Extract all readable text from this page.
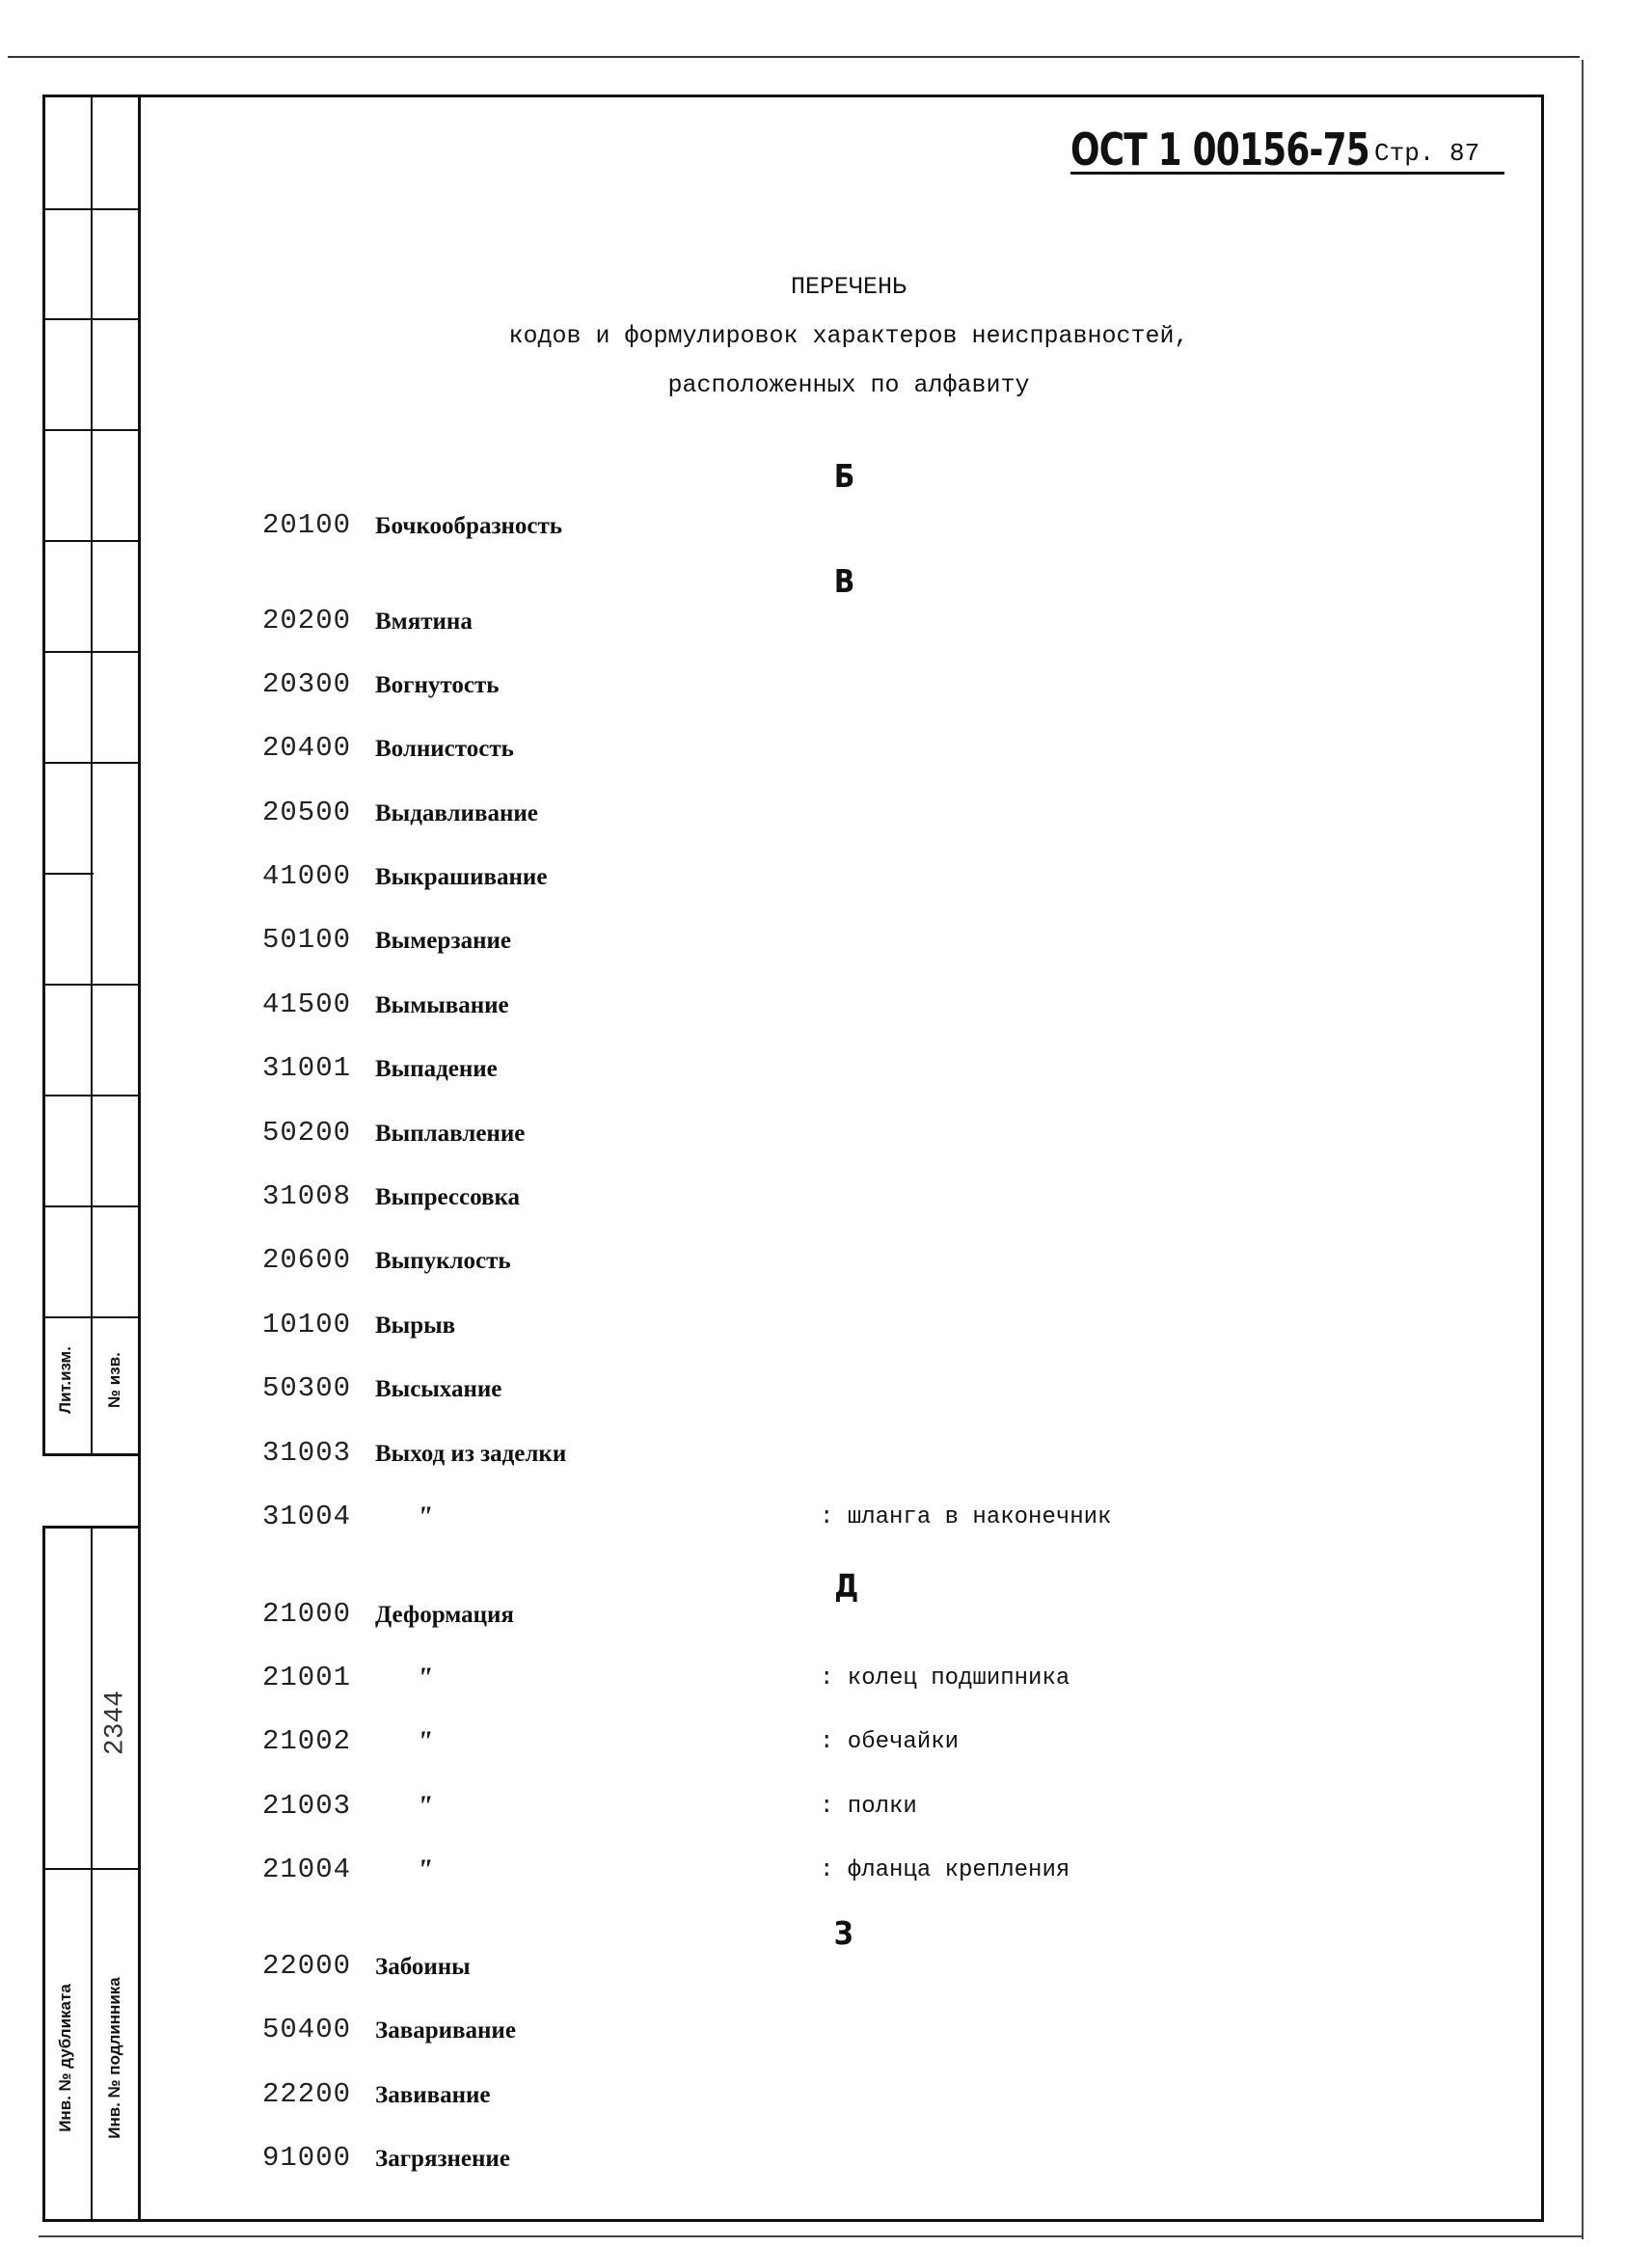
Лит.изм. № изв.
2344
Инв. № дубликата Инв. № подлинника
ОСТ 1 00156-75 Стр. 87
ПЕРЕЧЕНЬ
кодов и формулировок характеров неисправностей,
расположенных по алфавиту
Б
20100 Бочкообразность
В
20200 Вмятина
20300 Вогнутость
20400 Волнистость
20500 Выдавливание
41000 Выкрашивание
50100 Вымерзание
41500 Вымывание
31001 Выпадение
50200 Выплавление
31008 Выпрессовка
20600 Выпуклость
10100 Вырыв
50300 Высыхание
31003 Выход из заделки
31004 "	: шланга в наконечник
Д
21000 Деформация
21001 "	: колец подшипника
21002 "	: обечайки
21003 "	: полки
21004 "	: фланца крепления
З
22000 Забоины
50400 Заваривание
22200 Завивание
91000 Загрязнение
